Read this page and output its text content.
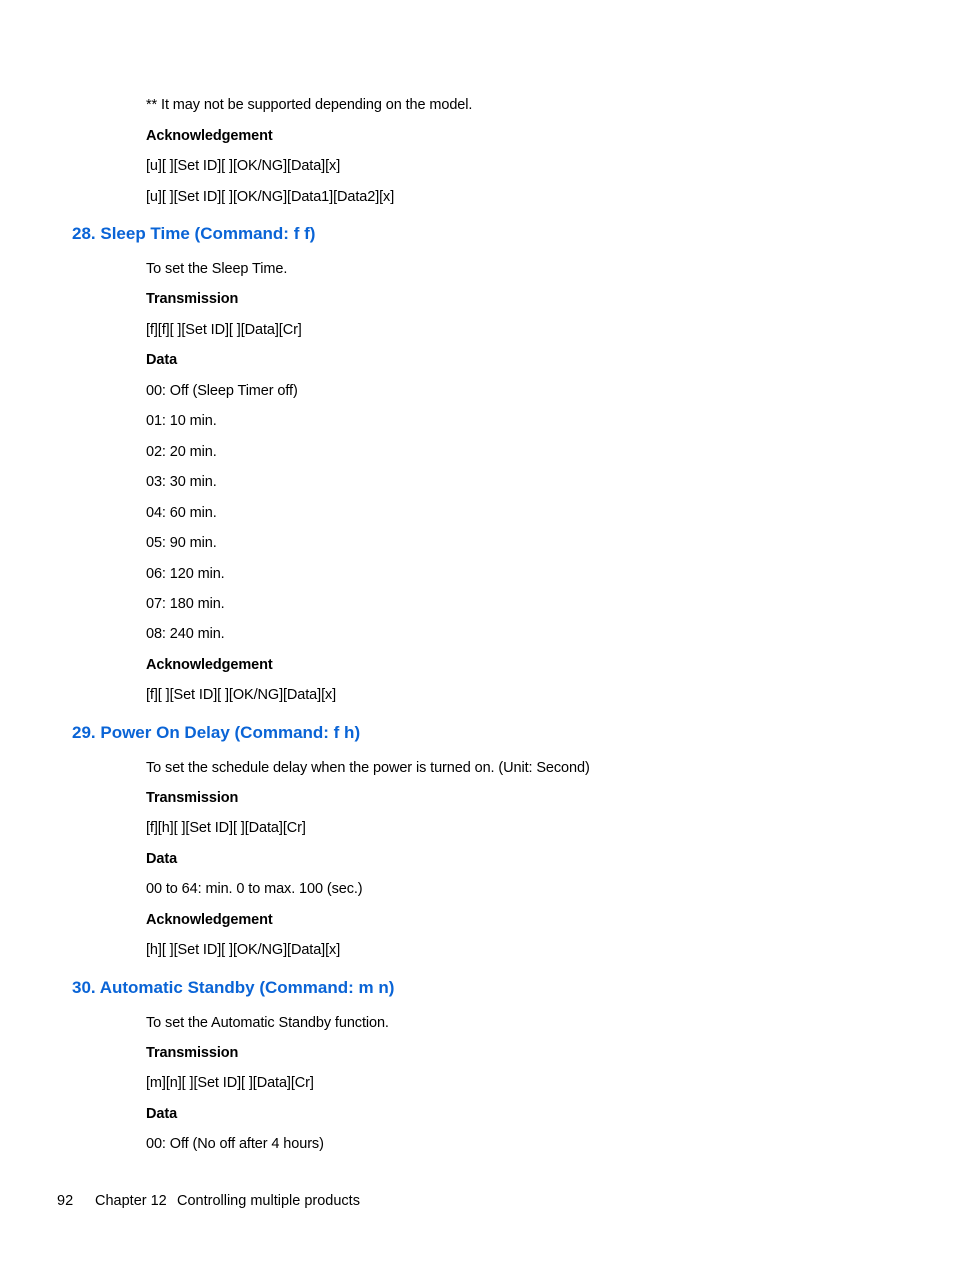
** It may not be supported depending on the model.
Acknowledgement
[u][ ][Set ID][ ][OK/NG][Data][x]
[u][ ][Set ID][ ][OK/NG][Data1][Data2][x]
28. Sleep Time (Command: f f)
To set the Sleep Time.
Transmission
[f][f][ ][Set ID][ ][Data][Cr]
Data
00: Off (Sleep Timer off)
01: 10 min.
02: 20 min.
03: 30 min.
04: 60 min.
05: 90 min.
06: 120 min.
07: 180 min.
08: 240 min.
Acknowledgement
[f][ ][Set ID][ ][OK/NG][Data][x]
29. Power On Delay (Command: f h)
To set the schedule delay when the power is turned on. (Unit: Second)
Transmission
[f][h][ ][Set ID][ ][Data][Cr]
Data
00 to 64: min. 0 to max. 100 (sec.)
Acknowledgement
[h][ ][Set ID][ ][OK/NG][Data][x]
30. Automatic Standby (Command: m n)
To set the Automatic Standby function.
Transmission
[m][n][ ][Set ID][ ][Data][Cr]
Data
00: Off (No off after 4 hours)
92 Chapter 12 Controlling multiple products
